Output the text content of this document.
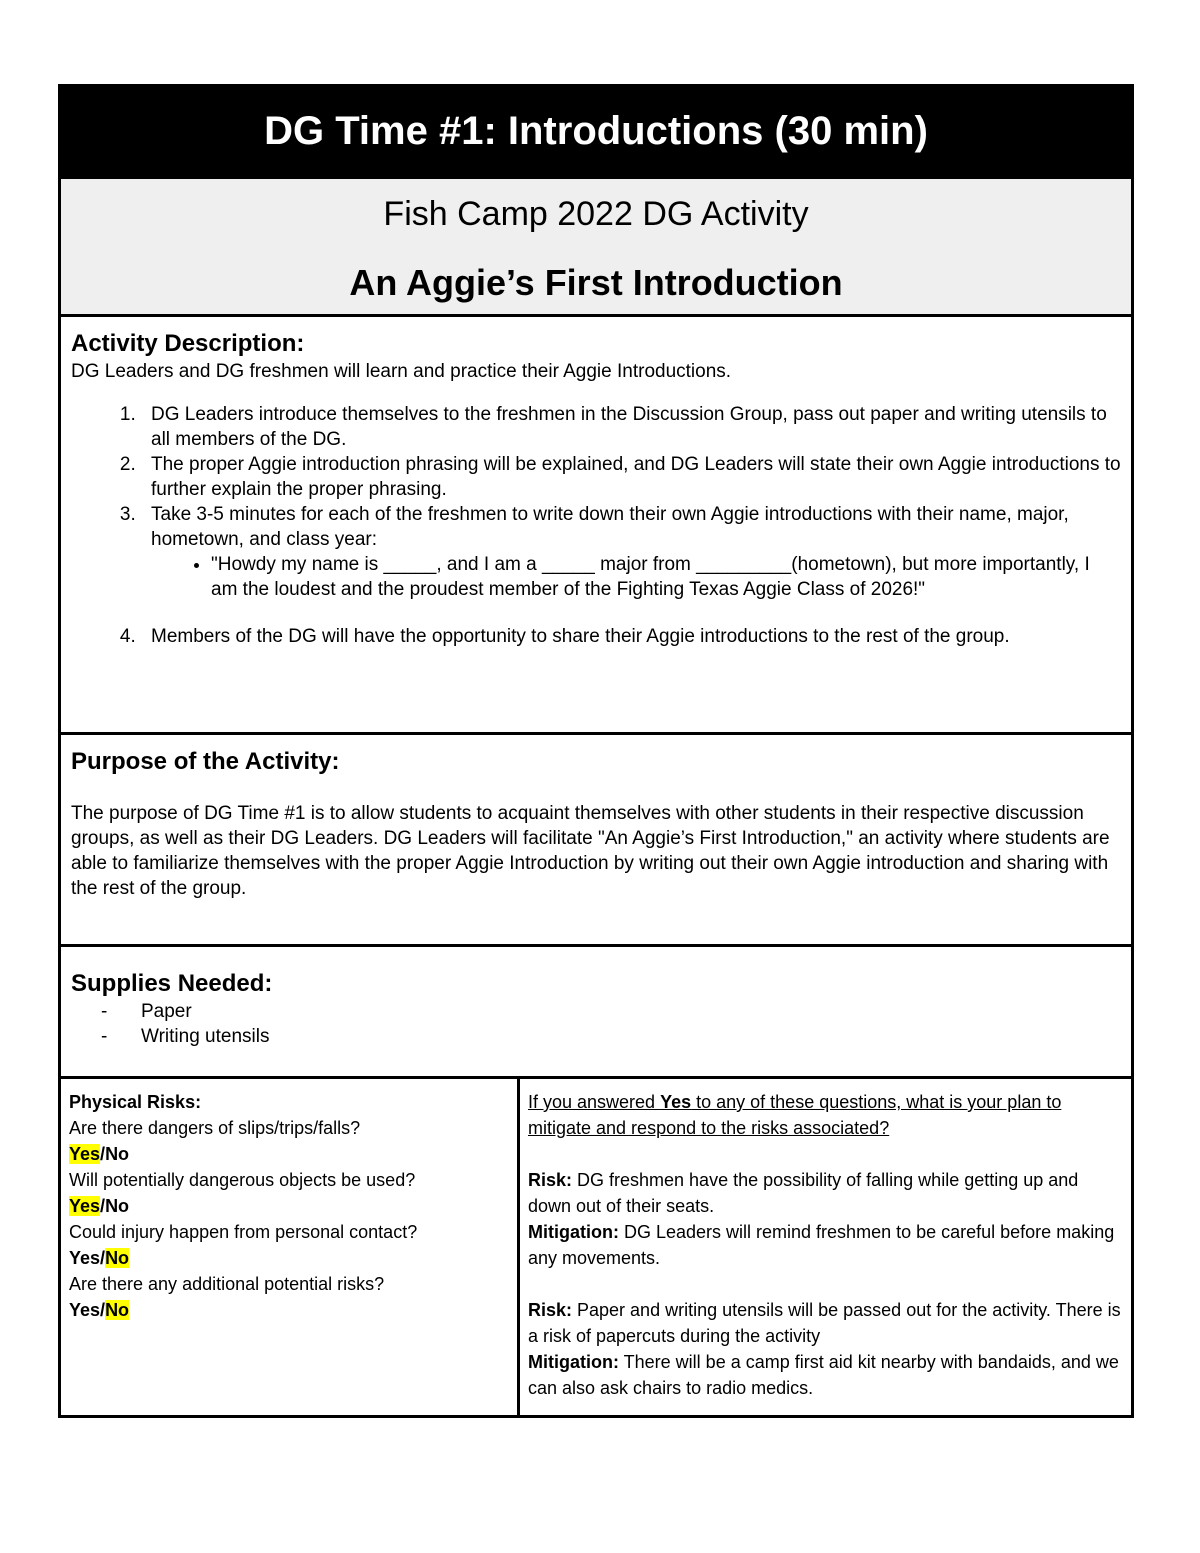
DG Time #1: Introductions (30 min)
Fish Camp 2022 DG Activity
An Aggie’s First Introduction
Activity Description:
DG Leaders and DG freshmen will learn and practice their Aggie Introductions.
1. DG Leaders introduce themselves to the freshmen in the Discussion Group, pass out paper and writing utensils to all members of the DG.
2. The proper Aggie introduction phrasing will be explained, and DG Leaders will state their own Aggie introductions to further explain the proper phrasing.
3. Take 3-5 minutes for each of the freshmen to write down their own Aggie introductions with their name, major, hometown, and class year:
• "Howdy my name is _____, and I am a _____ major from _________(hometown), but more importantly, I am the loudest and the proudest member of the Fighting Texas Aggie Class of 2026!"
4. Members of the DG will have the opportunity to share their Aggie introductions to the rest of the group.
Purpose of the Activity:
The purpose of DG Time #1 is to allow students to acquaint themselves with other students in their respective discussion groups, as well as their DG Leaders. DG Leaders will facilitate "An Aggie’s First Introduction," an activity where students are able to familiarize themselves with the proper Aggie Introduction by writing out their own Aggie introduction and sharing with the rest of the group.
Supplies Needed:
- Paper
- Writing utensils
Physical Risks:
Are there dangers of slips/trips/falls?
Yes/No
Will potentially dangerous objects be used?
Yes/No
Could injury happen from personal contact?
Yes/No
Are there any additional potential risks?
Yes/No
If you answered Yes to any of these questions, what is your plan to mitigate and respond to the risks associated?
Risk: DG freshmen have the possibility of falling while getting up and down out of their seats.
Mitigation: DG Leaders will remind freshmen to be careful before making any movements.
Risk: Paper and writing utensils will be passed out for the activity. There is a risk of papercuts during the activity
Mitigation: There will be a camp first aid kit nearby with bandaids, and we can also ask chairs to radio medics.
